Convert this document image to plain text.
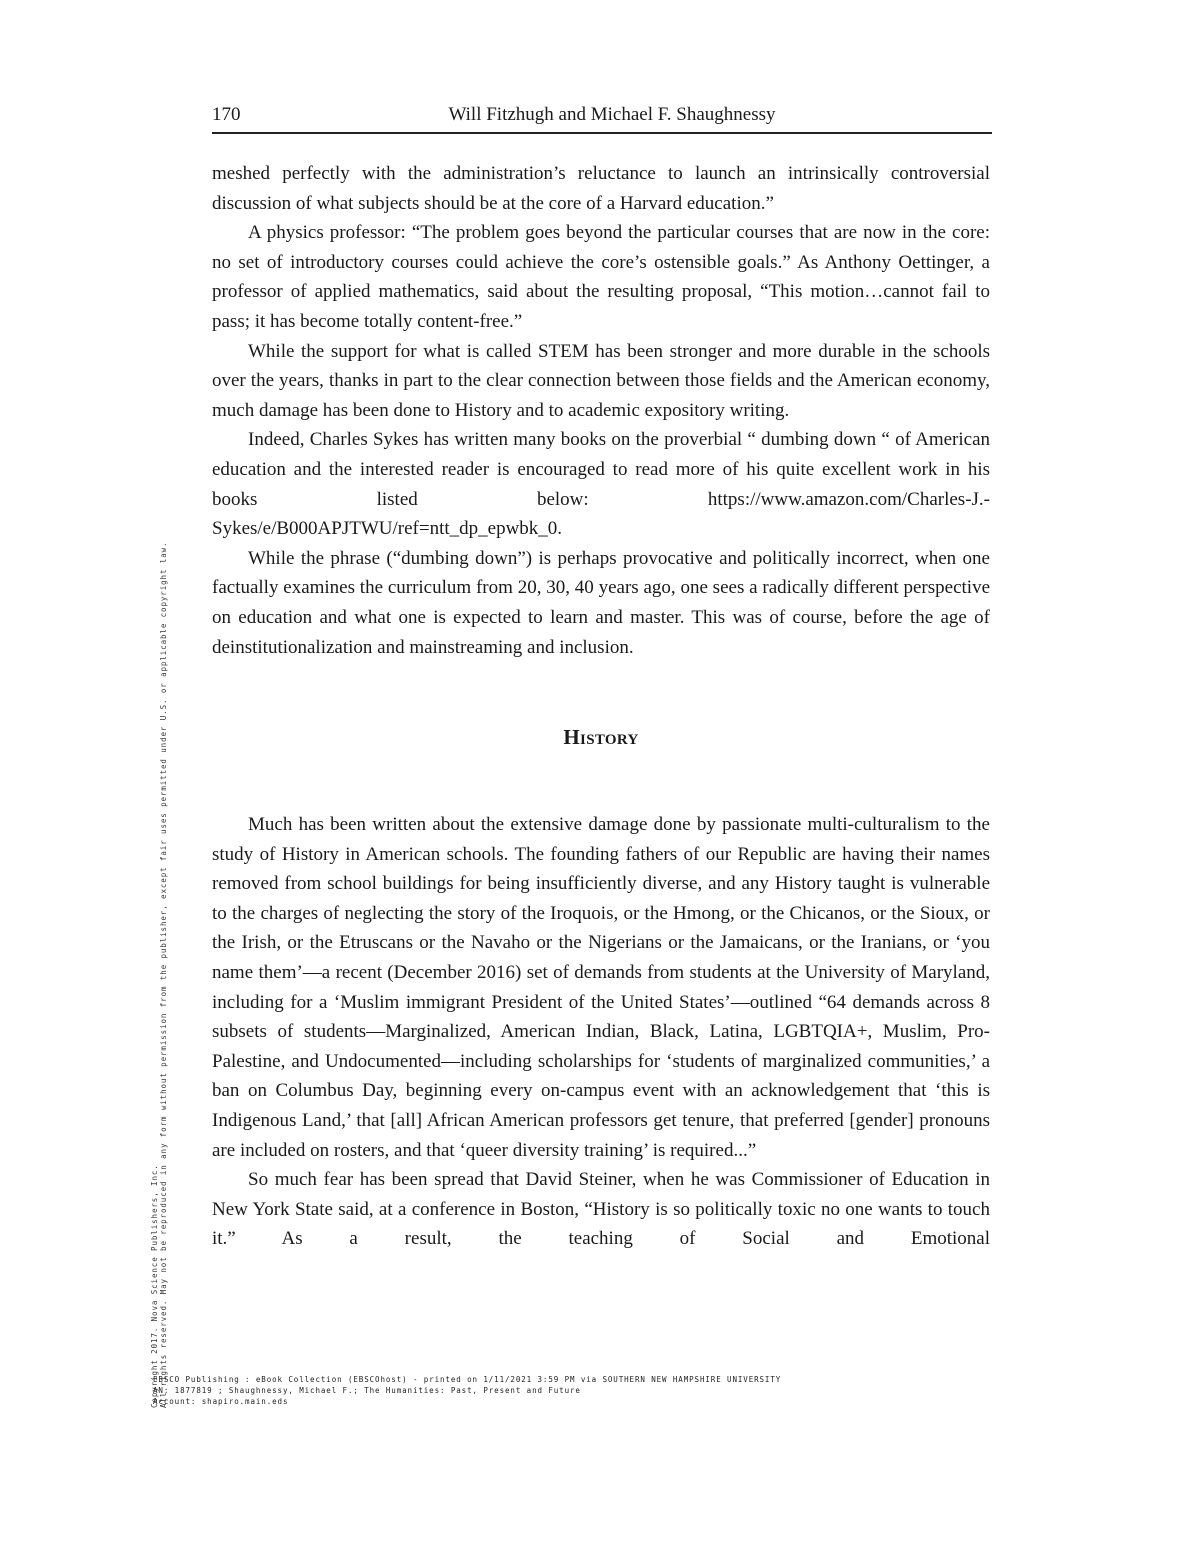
170	Will Fitzhugh and Michael F. Shaughnessy

meshed perfectly with the administration’s reluctance to launch an intrinsically controversial discussion of what subjects should be at the core of a Harvard education.”

A physics professor: “The problem goes beyond the particular courses that are now in the core: no set of introductory courses could achieve the core’s ostensible goals.” As Anthony Oettinger, a professor of applied mathematics, said about the resulting proposal, “This motion…cannot fail to pass; it has become totally content-free.”

While the support for what is called STEM has been stronger and more durable in the schools over the years, thanks in part to the clear connection between those fields and the American economy, much damage has been done to History and to academic expository writing.

Indeed, Charles Sykes has written many books on the proverbial “ dumbing down “ of American education and the interested reader is encouraged to read more of his quite excellent work in his books listed below: https://www.amazon.com/Charles-J.-Sykes/e/B000APJTWU/ref=ntt_dp_epwbk_0.

While the phrase (“dumbing down”) is perhaps provocative and politically incorrect, when one factually examines the curriculum from 20, 30, 40 years ago, one sees a radically different perspective on education and what one is expected to learn and master. This was of course, before the age of deinstitutionalization and mainstreaming and inclusion.

History

Much has been written about the extensive damage done by passionate multi-culturalism to the study of History in American schools. The founding fathers of our Republic are having their names removed from school buildings for being insufficiently diverse, and any History taught is vulnerable to the charges of neglecting the story of the Iroquois, or the Hmong, or the Chicanos, or the Sioux, or the Irish, or the Etruscans or the Navaho or the Nigerians or the Jamaicans, or the Iranians, or ‘you name them’—a recent (December 2016) set of demands from students at the University of Maryland, including for a ‘Muslim immigrant President of the United States’—outlined “64 demands across 8 subsets of students—Marginalized, American Indian, Black, Latina, LGBTQIA+, Muslim, Pro-Palestine, and Undocumented—including scholarships for ‘students of marginalized communities,’ a ban on Columbus Day, beginning every on-campus event with an acknowledgement that ‘this is Indigenous Land,’ that [all] African American professors get tenure, that preferred [gender] pronouns are included on rosters, and that ‘queer diversity training’ is required...”

So much fear has been spread that David Steiner, when he was Commissioner of Education in New York State said, at a conference in Boston, “History is so politically toxic no one wants to touch it.” As a result, the teaching of Social and Emotional

Copyright 2017. Nova Science Publishers, Inc. All rights reserved. May not be reproduced in any form without permission from the publisher, except fair uses permitted under U.S. or applicable copyright law.
EBSCO Publishing : eBook Collection (EBSCOhost) - printed on 1/11/2021 3:59 PM via SOUTHERN NEW HAMPSHIRE UNIVERSITY
AN: 1877819 ; Shaughnessy, Michael F.; The Humanities: Past, Present and Future
Account: shapiro.main.eds
